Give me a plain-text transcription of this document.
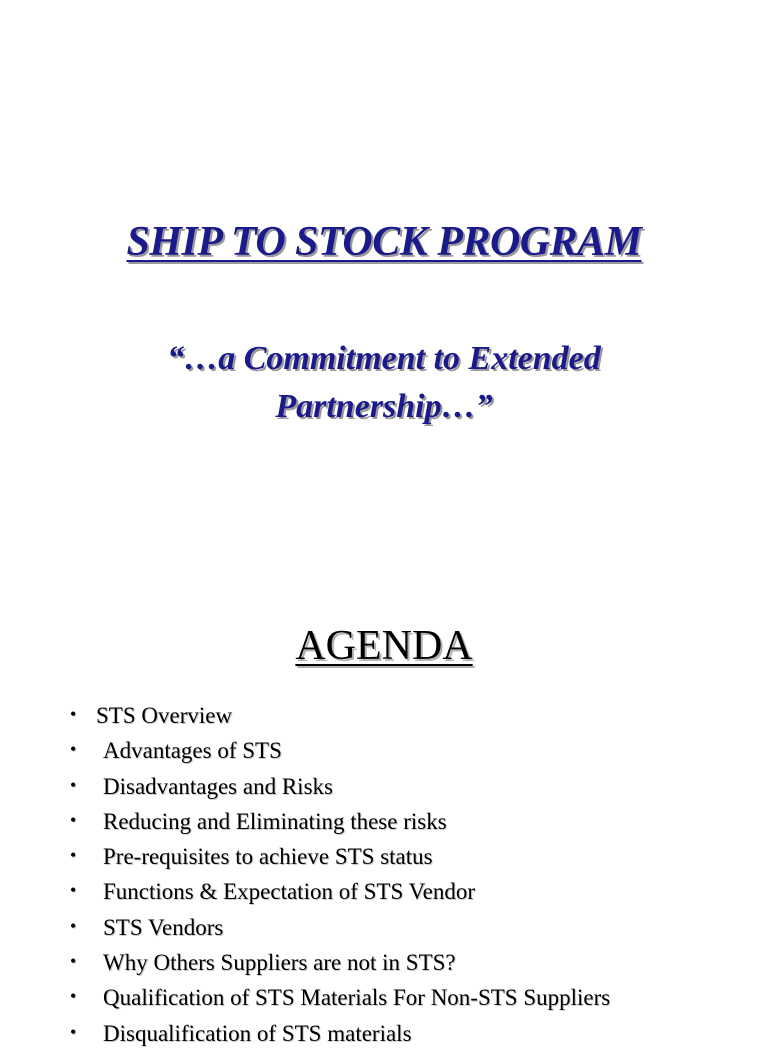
SHIP TO STOCK PROGRAM

“…a Commitment to Extended Partnership…”

AGENDA
• STS Overview
• Advantages of STS
• Disadvantages and Risks
• Reducing and Eliminating these risks
• Pre-requisites to achieve STS status
• Functions & Expectation of STS Vendor
• STS Vendors
• Why Others Suppliers are not in STS?
• Qualification of STS Materials For Non-STS Suppliers
• Disqualification of STS materials
